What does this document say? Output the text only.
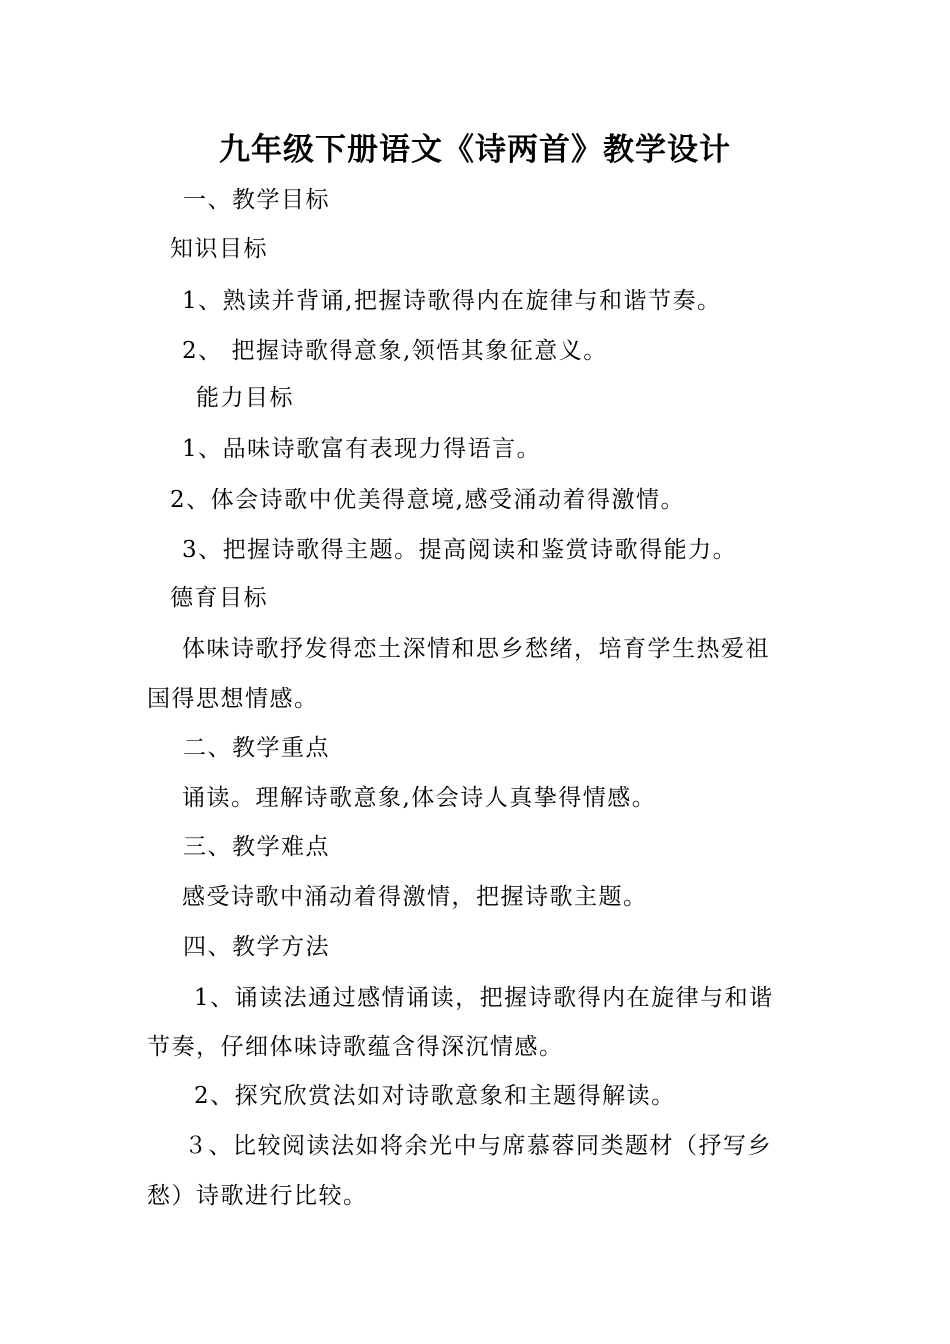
九年级下册语文《诗两首》教学设计
一、教学目标
知识目标
1、熟读并背诵,把握诗歌得内在旋律与和谐节奏。
2、 把握诗歌得意象,领悟其象征意义。
能力目标
1、品味诗歌富有表现力得语言。
2、体会诗歌中优美得意境,感受涌动着得激情。
3、把握诗歌得主题。提高阅读和鉴赏诗歌得能力。
德育目标
体味诗歌抒发得恋土深情和思乡愁绪，培育学生热爱祖
国得思想情感。
二、教学重点
诵读。理解诗歌意象,体会诗人真挚得情感。
三、教学难点
感受诗歌中涌动着得激情，把握诗歌主题。
四、教学方法
1、诵读法通过感情诵读，把握诗歌得内在旋律与和谐
节奏，仔细体味诗歌蕴含得深沉情感。
2、探究欣赏法如对诗歌意象和主题得解读。
３、比较阅读法如将余光中与席慕蓉同类题材（抒写乡
愁）诗歌进行比较。
